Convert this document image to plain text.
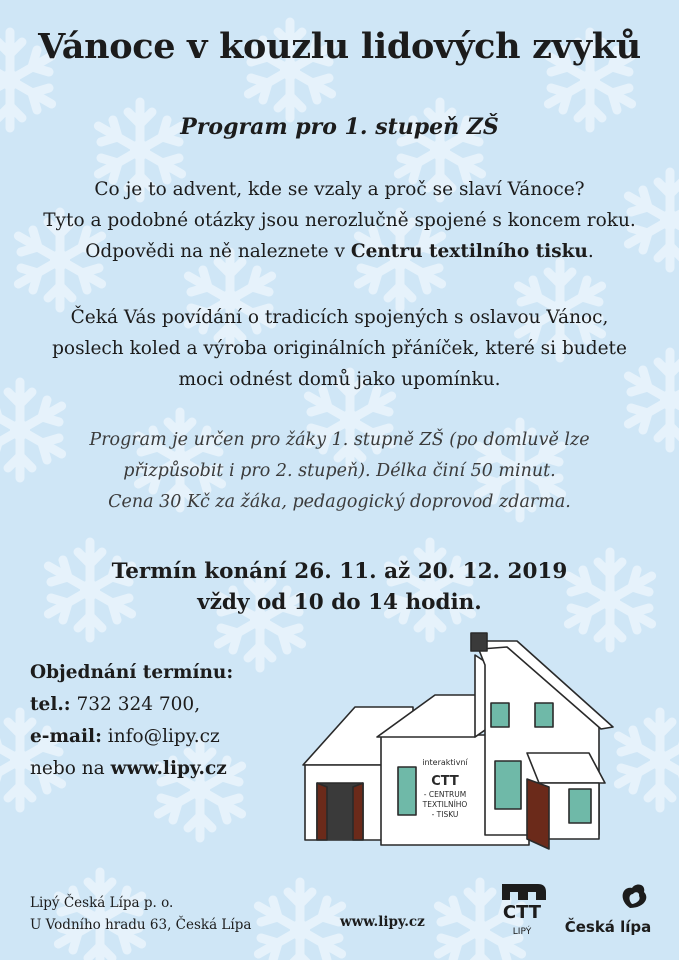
Vánoce v kouzlu lidových zvyků
Program pro 1. stupeň ZŠ
Co je to advent, kde se vzaly a proč se slaví Vánoce?
Tyto a podobné otázky jsou nerozlučně spojené s koncem roku.
Odpovědi na ně naleznete v Centru textilního tisku.
Čeká Vás povídání o tradicích spojených s oslavou Vánoc,
poslech koled a výroba originálních přáníček, které si budete
moci odnést domů jako upomínku.
Program je určen pro žáky 1. stupně ZŠ (po domluvě lze
přizpůsobit i pro 2. stupeň). Délka činí 50 minut.
Cena 30 Kč za žáka, pedagogický doprovod zdarma.
Termín konání 26. 11. až 20. 12. 2019
vždy od 10 do 14 hodin.
Objednání termínu:
tel.: 732 324 700,
e-mail: info@lipy.cz
nebo na www.lipy.cz	interaktivní
CTT
- CENTRUM
TEXTILNÍHO
- TISKU
Lipý Česká Lípa p. o.
U Vodního hradu 63, Česká Lípa	www.lipy.cz	CTT
LIPÝ Česká lípa
